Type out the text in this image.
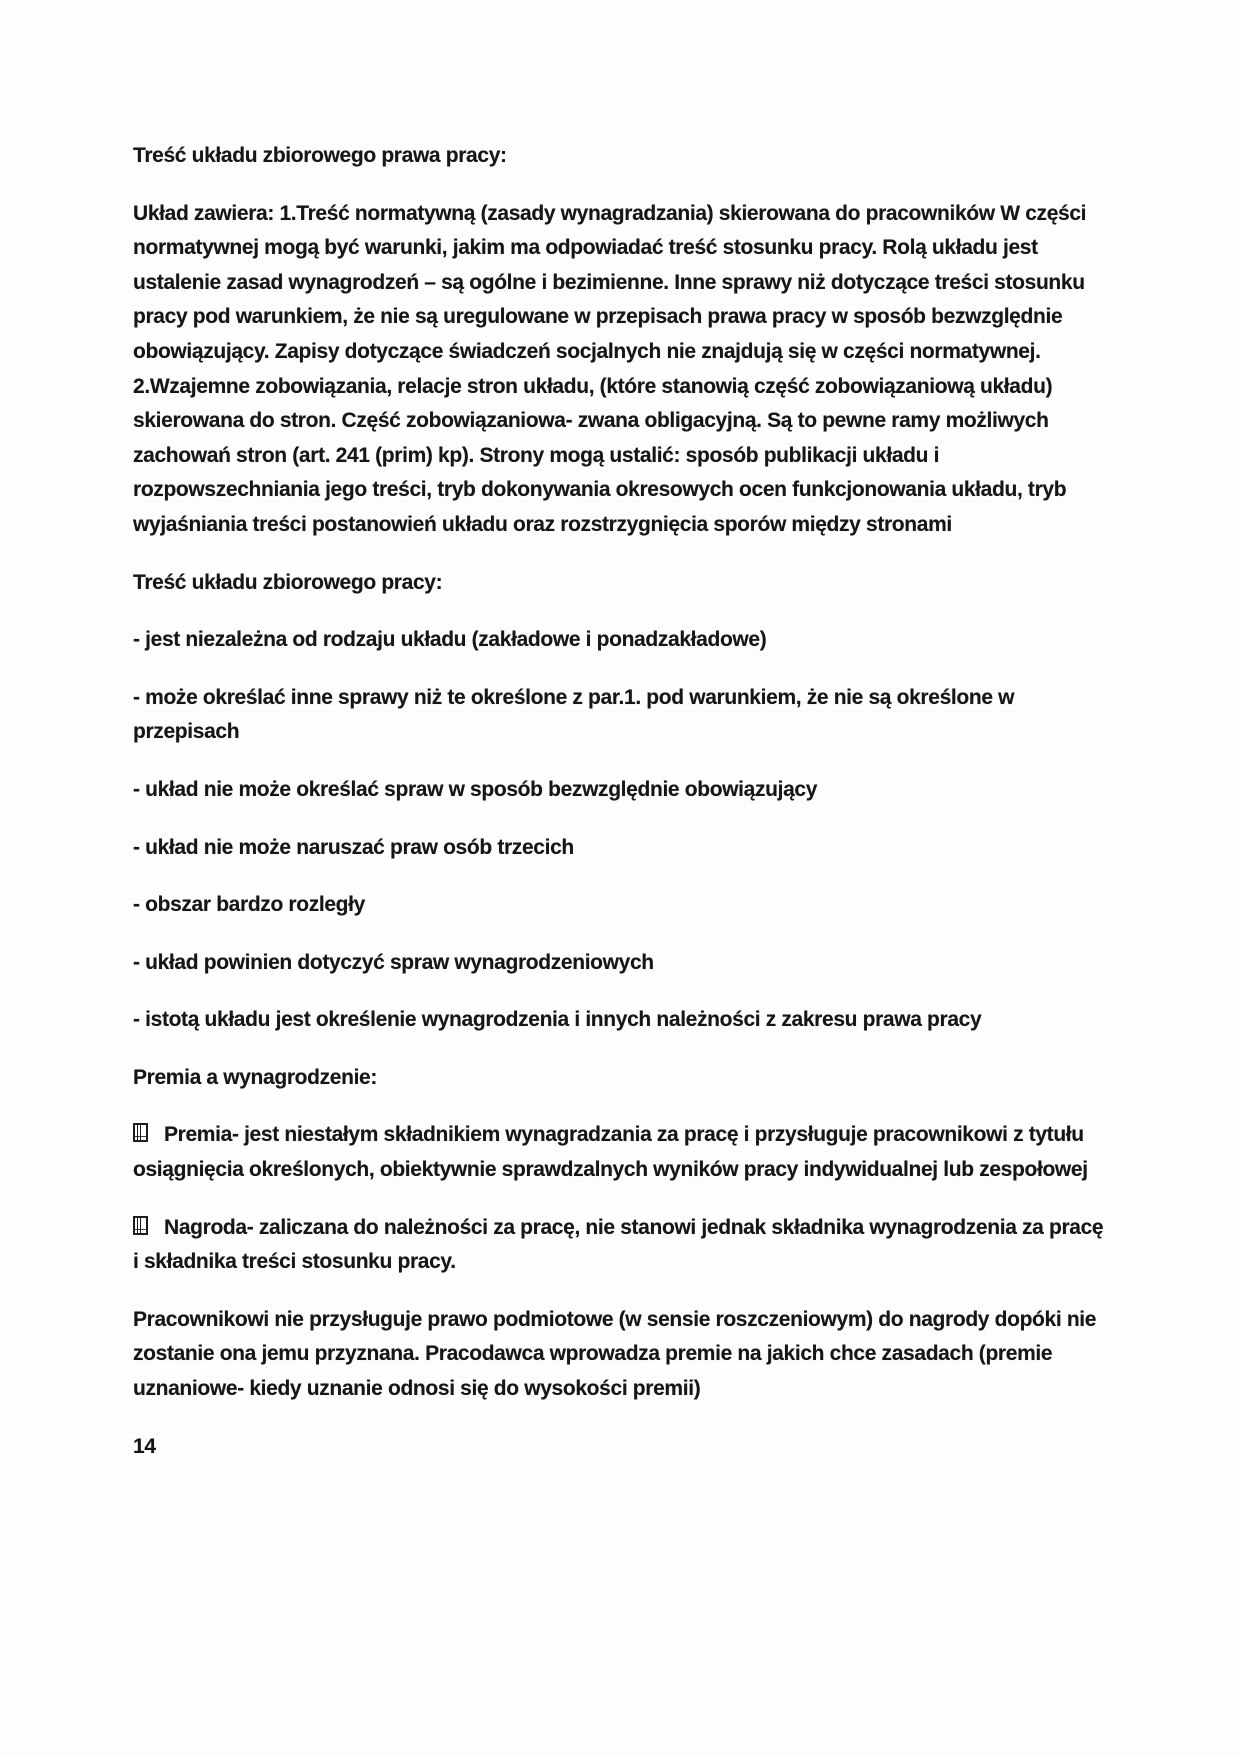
Treść układu zbiorowego prawa pracy:

Układ zawiera: 1.Treść normatywną (zasady wynagradzania) skierowana do pracowników W części normatywnej mogą być warunki, jakim ma odpowiadać treść stosunku pracy. Rolą układu jest ustalenie zasad wynagrodzeń – są ogólne i bezimienne. Inne sprawy niż dotyczące treści stosunku pracy pod warunkiem, że nie są uregulowane w przepisach prawa pracy w sposób bezwzględnie obowiązujący. Zapisy dotyczące świadczeń socjalnych nie znajdują się w części normatywnej. 2.Wzajemne zobowiązania, relacje stron układu, (które stanowią część zobowiązaniową układu) skierowana do stron. Część zobowiązaniowa- zwana obligacyjną. Są to pewne ramy możliwych zachowań stron (art. 241 (prim) kp). Strony mogą ustalić: sposób publikacji układu i rozpowszechniania jego treści, tryb dokonywania okresowych ocen funkcjonowania układu, tryb wyjaśniania treści postanowień układu oraz rozstrzygnięcia sporów między stronami

Treść układu zbiorowego pracy:

- jest niezależna od rodzaju układu (zakładowe i ponadzakładowe)

- może określać inne sprawy niż te określone z par.1. pod warunkiem, że nie są określone w przepisach

- układ nie może określać spraw w sposób bezwzględnie obowiązujący

- układ nie może naruszać praw osób trzecich

- obszar bardzo rozległy

- układ powinien dotyczyć spraw wynagrodzeniowych

- istotą układu jest określenie wynagrodzenia i innych należności z zakresu prawa pracy

Premia a wynagrodzenie:

Premia- jest niestałym składnikiem wynagradzania za pracę i przysługuje pracownikowi z tytułu osiągnięcia określonych, obiektywnie sprawdzalnych wyników pracy indywidualnej lub zespołowej

Nagroda- zaliczana do należności za pracę, nie stanowi jednak składnika wynagrodzenia za pracę i składnika treści stosunku pracy.

Pracownikowi nie przysługuje prawo podmiotowe (w sensie roszczeniowym) do nagrody dopóki nie zostanie ona jemu przyznana. Pracodawca wprowadza premie na jakich chce zasadach (premie uznaniowe- kiedy uznanie odnosi się do wysokości premii)

14
